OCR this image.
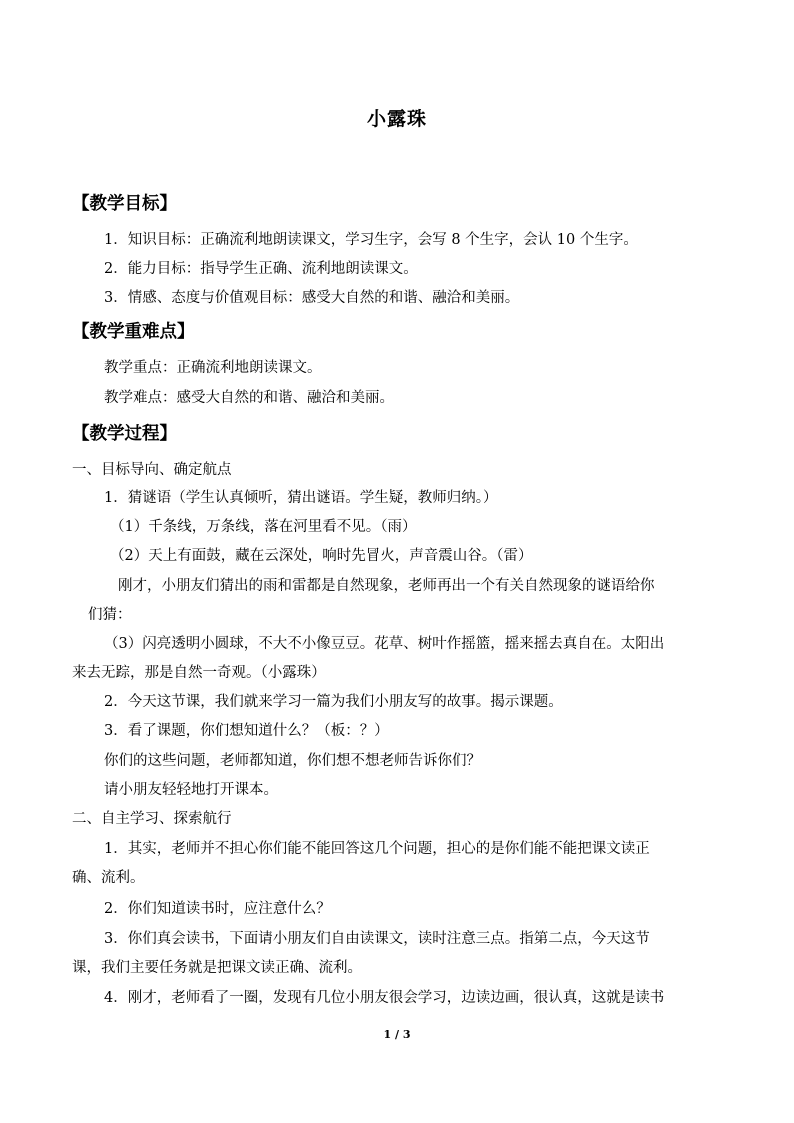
小露珠
【教学目标】
1．知识目标：正确流利地朗读课文，学习生字，会写 8 个生字，会认 10 个生字。
2．能力目标：指导学生正确、流利地朗读课文。
3．情感、态度与价值观目标：感受大自然的和谐、融洽和美丽。
【教学重难点】
教学重点：正确流利地朗读课文。
教学难点：感受大自然的和谐、融洽和美丽。
【教学过程】
一、目标导向、确定航点
1．猜谜语（学生认真倾听，猜出谜语。学生疑，教师归纳。）
（1）千条线，万条线，落在河里看不见。（雨）
（2）天上有面鼓，藏在云深处，响时先冒火，声音震山谷。（雷）
刚才，小朋友们猜出的雨和雷都是自然现象，老师再出一个有关自然现象的谜语给你
们猜：
（3）闪亮透明小圆球，不大不小像豆豆。花草、树叶作摇篮，摇来摇去真自在。太阳出
来去无踪，那是自然一奇观。（小露珠）
2．今天这节课，我们就来学习一篇为我们小朋友写的故事。揭示课题。
3．看了课题，你们想知道什么？（板：？）
你们的这些问题，老师都知道，你们想不想老师告诉你们？
请小朋友轻轻地打开课本。
二、自主学习、探索航行
1．其实，老师并不担心你们能不能回答这几个问题，担心的是你们能不能把课文读正
确、流利。
2．你们知道读书时，应注意什么？
3．你们真会读书，下面请小朋友们自由读课文，读时注意三点。指第二点，今天这节
课，我们主要任务就是把课文读正确、流利。
4．刚才，老师看了一圈，发现有几位小朋友很会学习，边读边画，很认真，这就是读书
1 / 3
